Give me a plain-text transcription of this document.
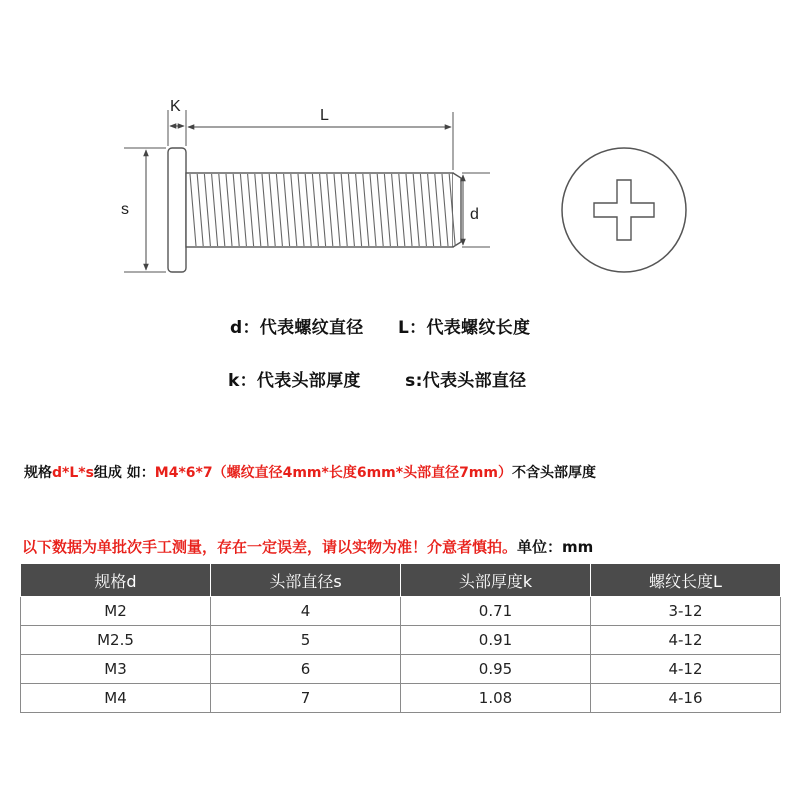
K
L
s	d
d：代表螺纹直径 L：代表螺纹长度
k：代表头部厚度	s:代表头部直径
规格d*L*s组成 如：M4*6*7（螺纹直径4mm*长度6mm*头部直径7mm）不含头部厚度
以下数据为单批次手工测量，存在一定误差，请以实物为准！介意者慎拍。单位：mm
规格d	头部直径s	头部厚度k	螺纹长度L
M2	4	0.71	3-12
M2.5	5	0.91	4-12
M3	6	0.95	4-12
M4	7	1.08	4-16
